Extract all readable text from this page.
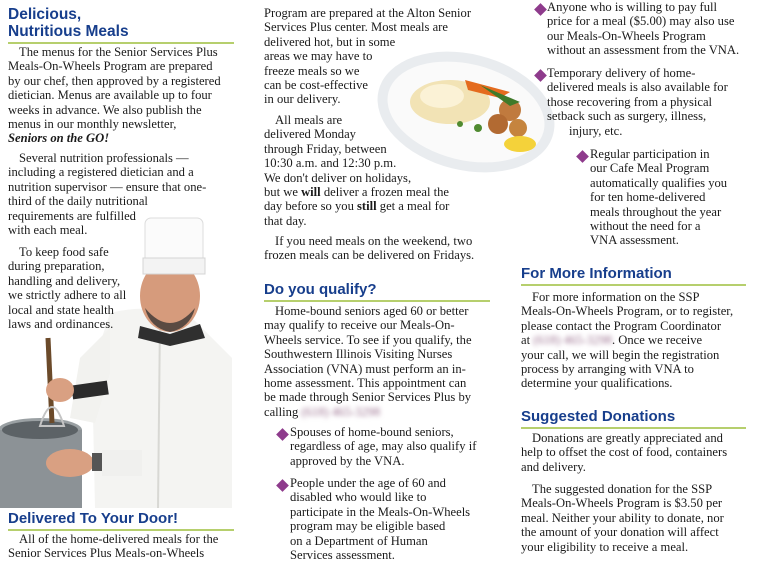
Delicious,
Nutritious Meals

The menus for the Senior Services Plus
Meals-On-Wheels Program are prepared
by our chef, then approved by a registered
dietician. Menus are available up to four
weeks in advance. We also publish the
menus in our monthly newsletter,
Seniors on the GO!

Several nutrition professionals —
including a registered dietician and a
nutrition supervisor — ensure that one-
third of the daily nutritional
requirements are fulfilled
with each meal.

To keep food safe
during preparation,
handling and delivery,
we strictly adhere to all
local and state health
laws and ordinances.

Delivered To Your Door!

All of the home-delivered meals for the
Senior Services Plus Meals-on-Wheels

Program are prepared at the Alton Senior
Services Plus center. Most meals are
delivered hot, but in some
areas we may have to
freeze meals so we
can be cost-effective
in our delivery.

All meals are
delivered Monday
through Friday, between
10:30 a.m. and 12:30 p.m.
We don't deliver on holidays,
but we will deliver a frozen meal the
day before so you still get a meal for
that day.

If you need meals on the weekend, two
frozen meals can be delivered on Fridays.

Do you qualify?

Home-bound seniors aged 60 or better
may qualify to receive our Meals-On-
Wheels service. To see if you qualify, the
Southwestern Illinois Visiting Nurses
Association (VNA) must perform an in-
home assessment. This appointment can
be made through Senior Services Plus by
calling (618) 465-3298

Spouses of home-bound seniors,
regardless of age, may also qualify if
approved by the VNA.

People under the age of 60 and
disabled who would like to
participate in the Meals-On-Wheels
program may be eligible based
on a Department of Human
Services assessment.

Anyone who is willing to pay full
price for a meal ($5.00) may also use
our Meals-On-Wheels Program
without an assessment from the VNA.

Temporary delivery of home-
delivered meals is also available for
those recovering from a physical
setback such as surgery, illness,
injury, etc.

Regular participation in
our Cafe Meal Program
automatically qualifies you
for ten home-delivered
meals throughout the year
without the need for a
VNA assessment.

For More Information

For more information on the SSP
Meals-On-Wheels Program, or to register,
please contact the Program Coordinator
at (618) 465-3298. Once we receive
your call, we will begin the registration
process by arranging with VNA to
determine your qualifications.

Suggested Donations

Donations are greatly appreciated and
help to offset the cost of food, containers
and delivery.

The suggested donation for the SSP
Meals-On-Wheels Program is $3.50 per
meal. Neither your ability to donate, nor
the amount of your donation will affect
your eligibility to receive a meal.
